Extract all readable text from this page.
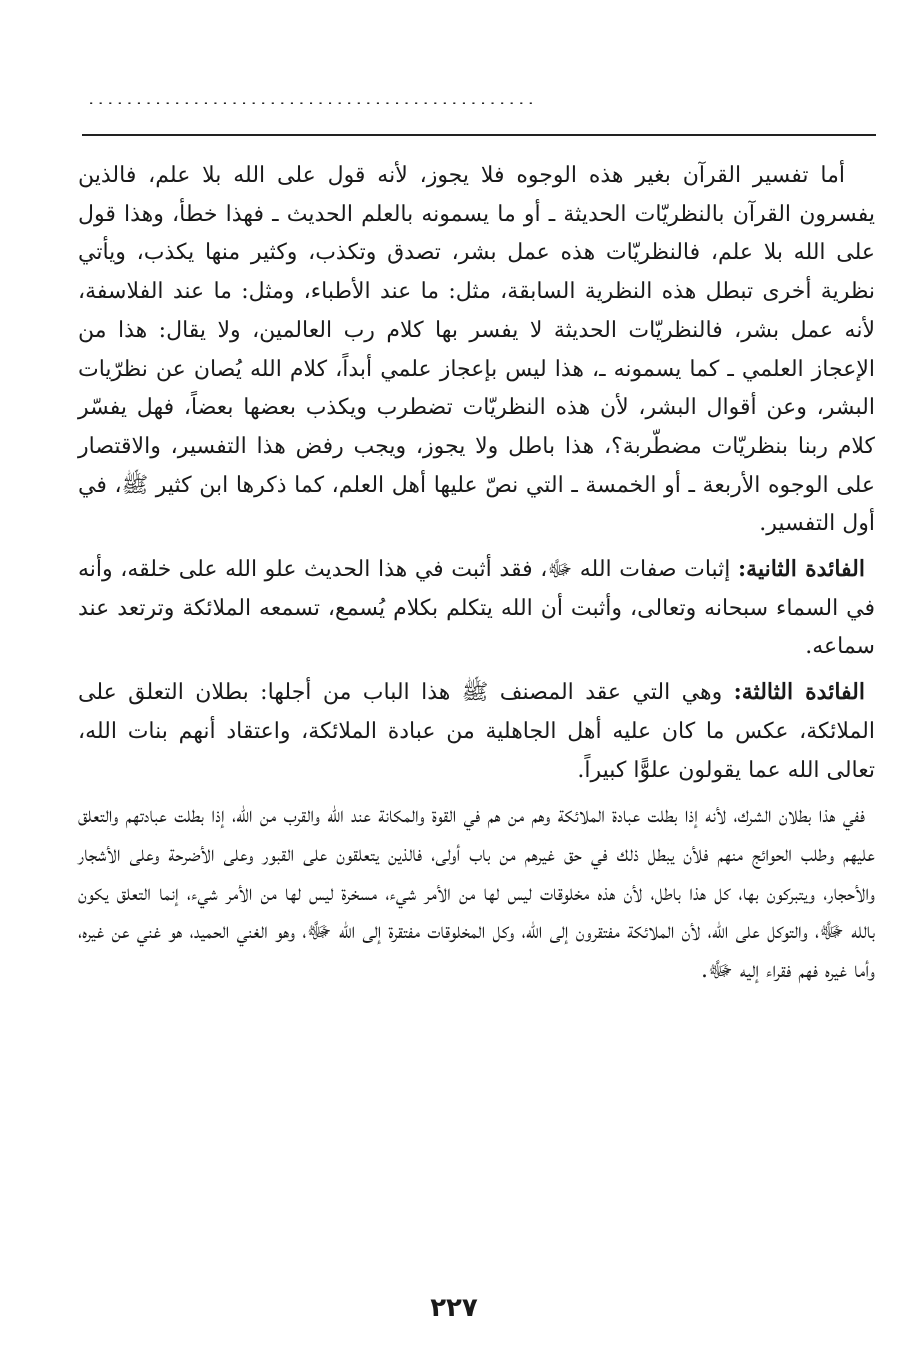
...............................................

أما تفسير القرآن بغير هذه الوجوه فلا يجوز، لأنه قول على الله بلا علم، فالذين يفسرون القرآن بالنظريّات الحديثة ـ أو ما يسمونه بالعلم الحديث ـ فهذا خطأ، وهذا قول على الله بلا علم، فالنظريّات هذه عمل بشر، تصدق وتكذب، وكثير منها يكذب، ويأتي نظرية أخرى تبطل هذه النظرية السابقة، مثل: ما عند الأطباء، ومثل: ما عند الفلاسفة، لأنه عمل بشر، فالنظريّات الحديثة لا يفسر بها كلام رب العالمين، ولا يقال: هذا من الإعجاز العلمي ـ كما يسمونه ـ، هذا ليس بإعجاز علمي أبداً، كلام الله يُصان عن نظرّيات البشر، وعن أقوال البشر، لأن هذه النظريّات تضطرب ويكذب بعضها بعضاً، فهل يفسّر كلام ربنا بنظريّات مضطّربة؟، هذا باطل ولا يجوز، ويجب رفض هذا التفسير، والاقتصار على الوجوه الأربعة ـ أو الخمسة ـ التي نصّ عليها أهل العلم، كما ذكرها ابن كثير ﷺ، في أول التفسير.

الفائدة الثانية: إثبات صفات الله ﷻ، فقد أثبت في هذا الحديث علو الله على خلقه، وأنه في السماء سبحانه وتعالى، وأثبت أن الله يتكلم بكلام يُسمع، تسمعه الملائكة وترتعد عند سماعه.

الفائدة الثالثة: وهي التي عقد المصنف ﷺ هذا الباب من أجلها: بطلان التعلق على الملائكة، عكس ما كان عليه أهل الجاهلية من عبادة الملائكة، واعتقاد أنهم بنات الله، تعالى الله عما يقولون علوًّا كبيراً.

ففي هذا بطلان الشرك، لأنه إذا بطلت عبادة الملائكة وهم من هم في القوة والمكانة عند الله والقرب من الله، إذا بطلت عبادتهم والتعلق عليهم وطلب الحوائج منهم فلأن يبطل ذلك في حق غيرهم من باب أولى، فالذين يتعلقون على القبور وعلى الأضرحة وعلى الأشجار والأحجار، ويتبركون بها، كل هذا باطل، لأن هذه مخلوقات ليس لها من الأمر شيء، مسخرة ليس لها من الأمر شيء، إنما التعلق يكون بالله ﷻ، والتوكل على الله، لأن الملائكة مفتقرون إلى الله، وكل المخلوقات مفتقرة إلى الله ﷻ، وهو الغني الحميد، هو غني عن غيره، وأما غيره فهم فقراء إليه ﷻ.

٢٢٧
